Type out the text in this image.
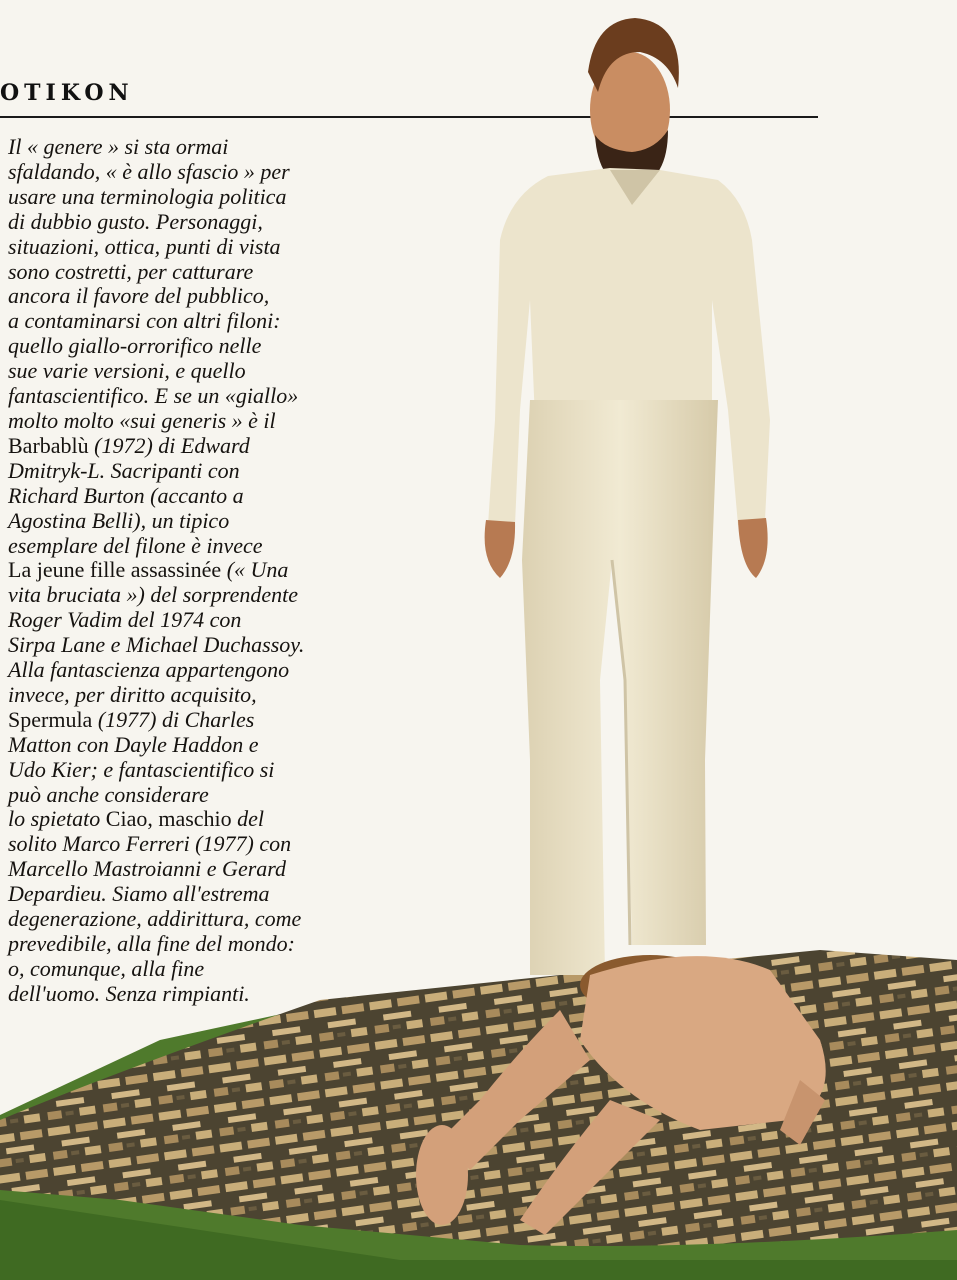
OTIKON
Il « genere » si sta ormai
sfaldando, « è allo sfascio » per
usare una terminologia politica
di dubbio gusto. Personaggi,
situazioni, ottica, punti di vista
sono costretti, per catturare
ancora il favore del pubblico,
a contaminarsi con altri filoni:
quello giallo-orrorifico nelle
sue varie versioni, e quello
fantascientifico. E se un «giallo»
molto molto «sui generis » è il
Barbablù (1972) di Edward
Dmitryk-L. Sacripanti con
Richard Burton (accanto a
Agostina Belli), un tipico
esemplare del filone è invece
La jeune fille assassinée (« Una
vita bruciata ») del sorprendente
Roger Vadim del 1974 con
Sirpa Lane e Michael Duchassoy.
Alla fantascienza appartengono
invece, per diritto acquisito,
Spermula (1977) di Charles
Matton con Dayle Haddon e
Udo Kier; e fantascientifico si
può anche considerare
lo spietato Ciao, maschio del
solito Marco Ferreri (1977) con
Marcello Mastroianni e Gerard
Depardieu. Siamo all'estrema
degenerazione, addirittura, come
prevedibile, alla fine del mondo:
o, comunque, alla fine
dell'uomo. Senza rimpianti.
